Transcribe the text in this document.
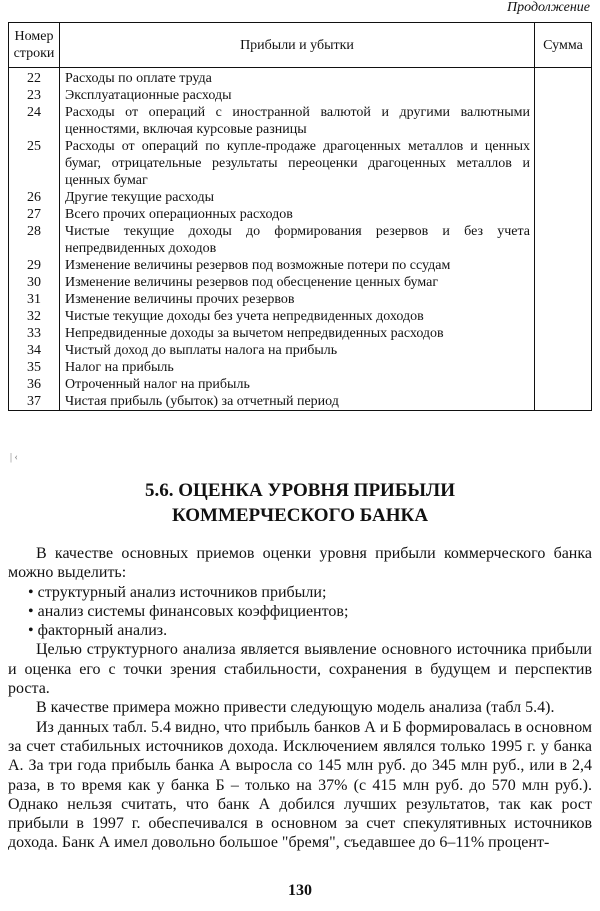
Продолжение
Номер строки	Прибыли и убытки	Сумма
22	Расходы по оплате труда	
23	Эксплуатационные расходы	
24	Расходы от операций с иностранной валютой и другими валютными ценностями, включая курсовые разницы	
25	Расходы от операций по купле-продаже драгоценных металлов и ценных бумаг, отрицательные результаты переоценки драгоценных металлов и ценных бумаг	
26	Другие текущие расходы	
27	Всего прочих операционных расходов	
28	Чистые текущие доходы до формирования резервов и без учета непредвиденных доходов	
29	Изменение величины резервов под возможные потери по ссудам	
30	Изменение величины резервов под обесценение ценных бумаг	
31	Изменение величины прочих резервов	
32	Чистые текущие доходы без учета непредвиденных доходов	
33	Непредвиденные доходы за вычетом непредвиденных расходов	
34	Чистый доход до выплаты налога на прибыль	
35	Налог на прибыль	
36	Отроченный налог на прибыль	
37	Чистая прибыль (убыток) за отчетный период	
| ‹
5.6. ОЦЕНКА УРОВНЯ ПРИБЫЛИ
КОММЕРЧЕСКОГО БАНКА

В качестве основных приемов оценки уровня прибыли коммерческого банка можно выделить:

• структурный анализ источников прибыли;
• анализ системы финансовых коэффициентов;
• факторный анализ.

Целью структурного анализа является выявление основного источника прибыли и оценка его с точки зрения стабильности, сохранения в будущем и перспектив роста.

В качестве примера можно привести следующую модель анализа (табл 5.4).

Из данных табл. 5.4 видно, что прибыль банков А и Б формировалась в основном за счет стабильных источников дохода. Исключением являлся только 1995 г. у банка А. За три года прибыль банка А выросла со 145 млн руб. до 345 млн руб., или в 2,4 раза, в то время как у банка Б – только на 37% (с 415 млн руб. до 570 млн руб.). Однако нельзя считать, что банк А добился лучших результатов, так как рост прибыли в 1997 г. обеспечивался в основном за счет спекулятивных источников дохода. Банк А имел довольно большое "бремя", съедавшее до 6–11% процент-

130
